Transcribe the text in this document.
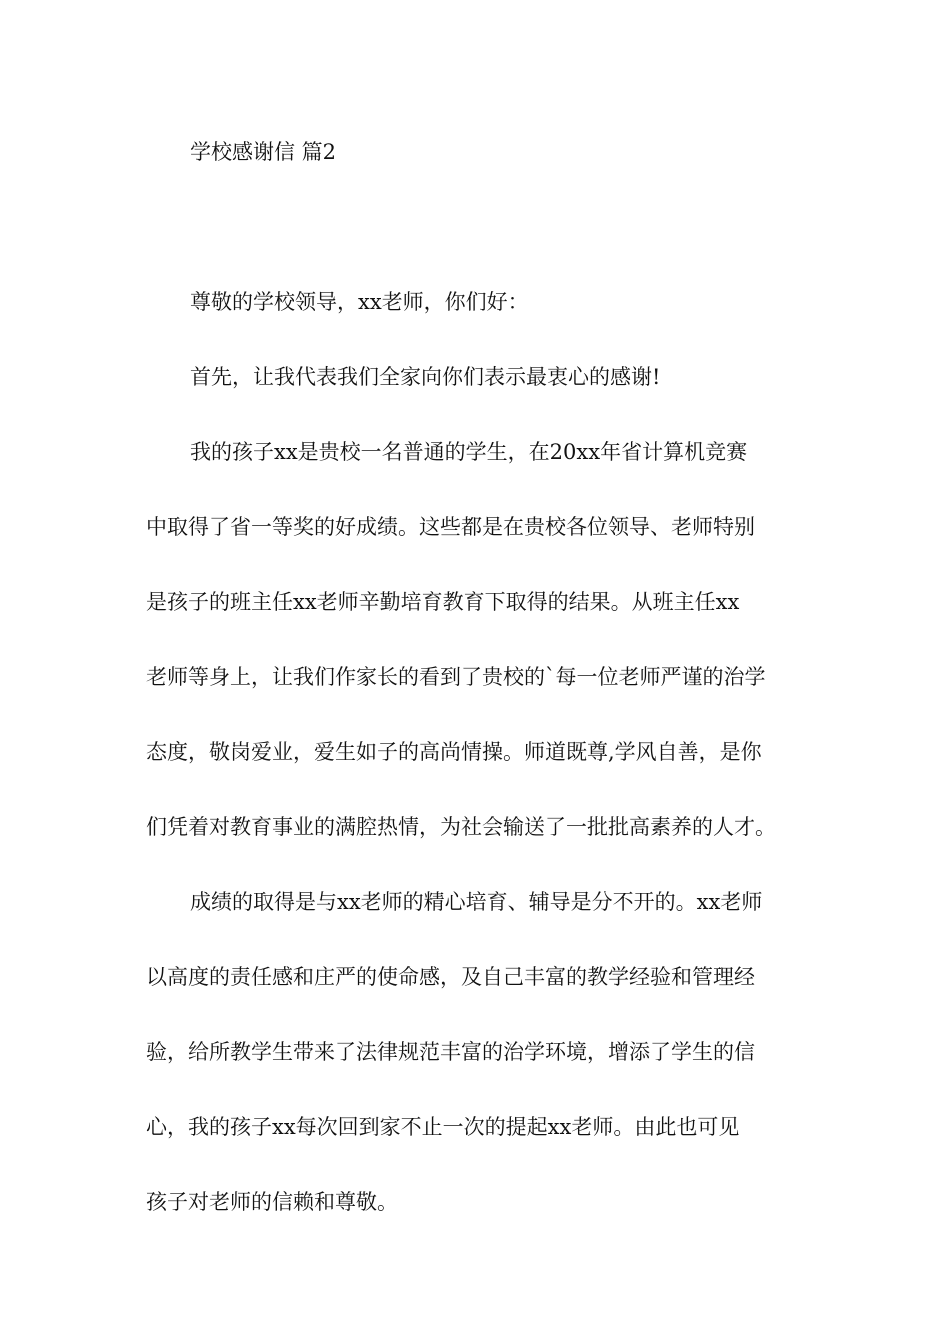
学校感谢信 篇2
尊敬的学校领导，xx老师，你们好：
首先，让我代表我们全家向你们表示最衷心的感谢!
我的孩子xx是贵校一名普通的学生，在20xx年省计算机竞赛
中取得了省一等奖的好成绩。这些都是在贵校各位领导、老师特别
是孩子的班主任xx老师辛勤培育教育下取得的结果。从班主任xx
老师等身上，让我们作家长的看到了贵校的`每一位老师严谨的治学
态度，敬岗爱业，爱生如子的高尚情操。师道既尊,学风自善，是你
们凭着对教育事业的满腔热情，为社会输送了一批批高素养的人才。
成绩的取得是与xx老师的精心培育、辅导是分不开的。xx老师
以高度的责任感和庄严的使命感，及自己丰富的教学经验和管理经
验，给所教学生带来了法律规范丰富的治学环境，增添了学生的信
心，我的孩子xx每次回到家不止一次的提起xx老师。由此也可见
孩子对老师的信赖和尊敬。
